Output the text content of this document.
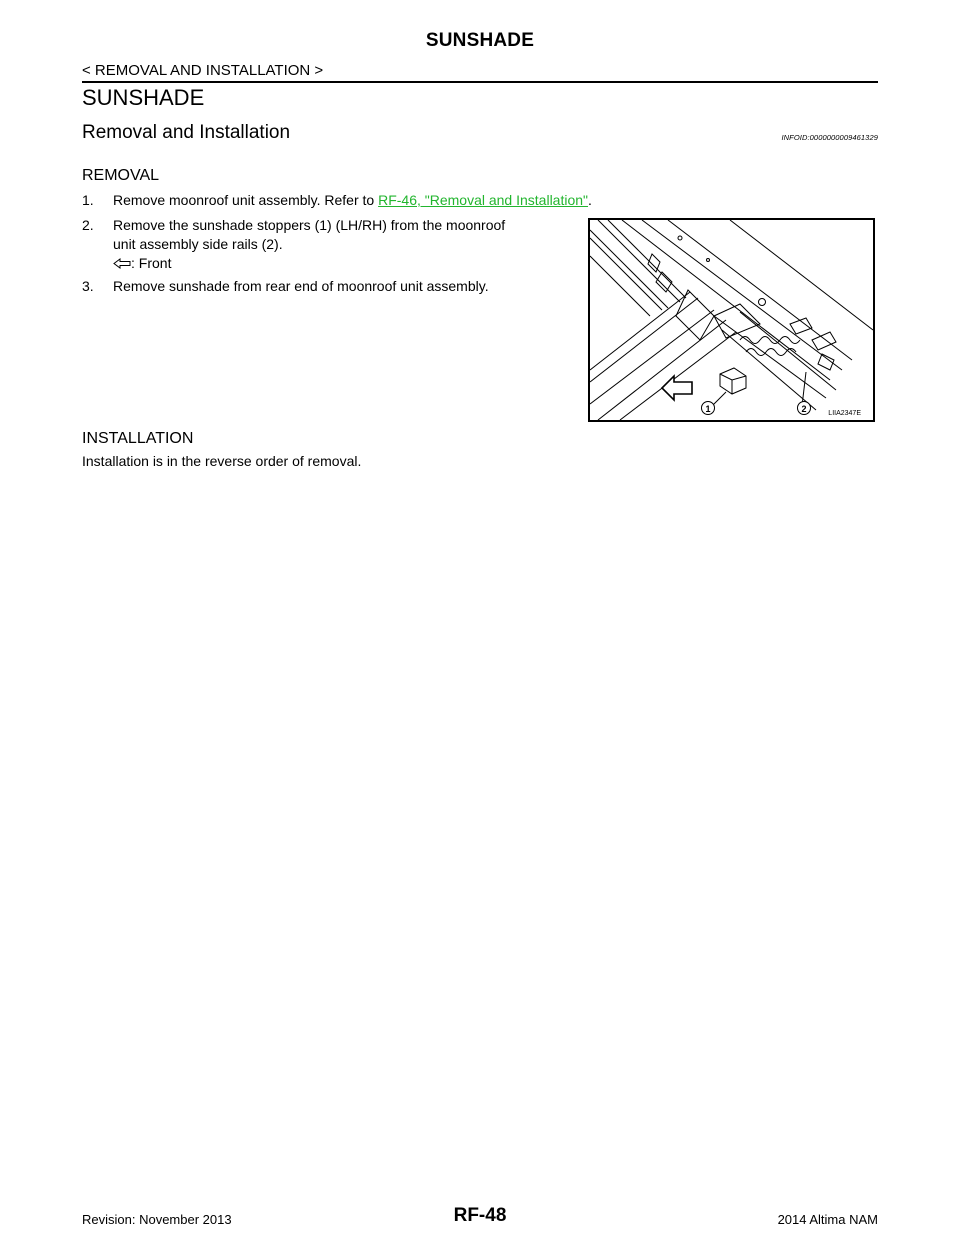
SUNSHADE
< REMOVAL AND INSTALLATION >
SUNSHADE
Removal and Installation	INFOID:0000000009461329
REMOVAL
1. Remove moonroof unit assembly. Refer to RF-46, "Removal and Installation".
2. Remove the sunshade stoppers (1) (LH/RH) from the moonroof
unit assembly side rails (2).
: Front
3. Remove sunshade from rear end of moonroof unit assembly.
INSTALLATION
Installation is in the reverse order of removal.
1	2	LIIA2347E
Revision: November 2013	RF-48	2014 Altima NAM
